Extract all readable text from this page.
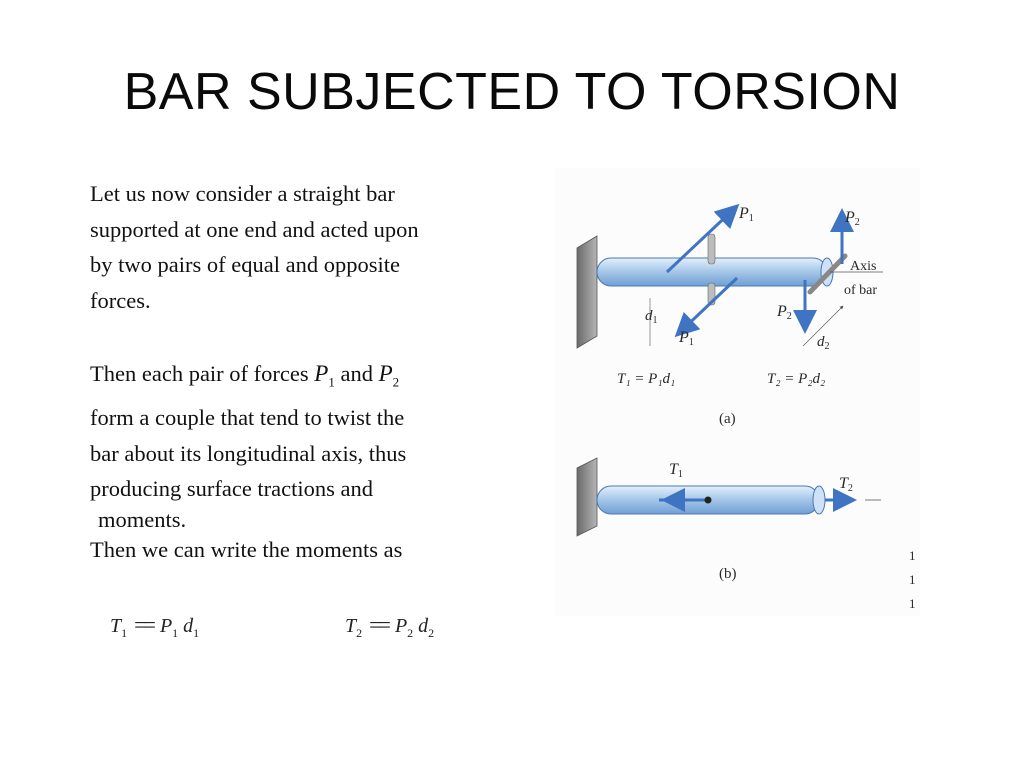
BAR SUBJECTED TO TORSION
Let us now consider a straight bar
supported at one end and acted upon
by two pairs of equal and opposite
forces.
Then each pair of forces $P_1$ and $P_2$
form a couple that tend to twist the
bar about its longitudinal axis, thus
producing surface tractions and
moments.
Then we can write the moments as
$T_1 == P_1$ $d_1$	$T_2 == P_2$ $d_2$
P1	P2
Axis
of bar
$d_1$
P1
P2
$d_2$
T₁ = P₁d₁	T₂ = P₂d₂
(a)
T1
T2
(b)
1
1
1
